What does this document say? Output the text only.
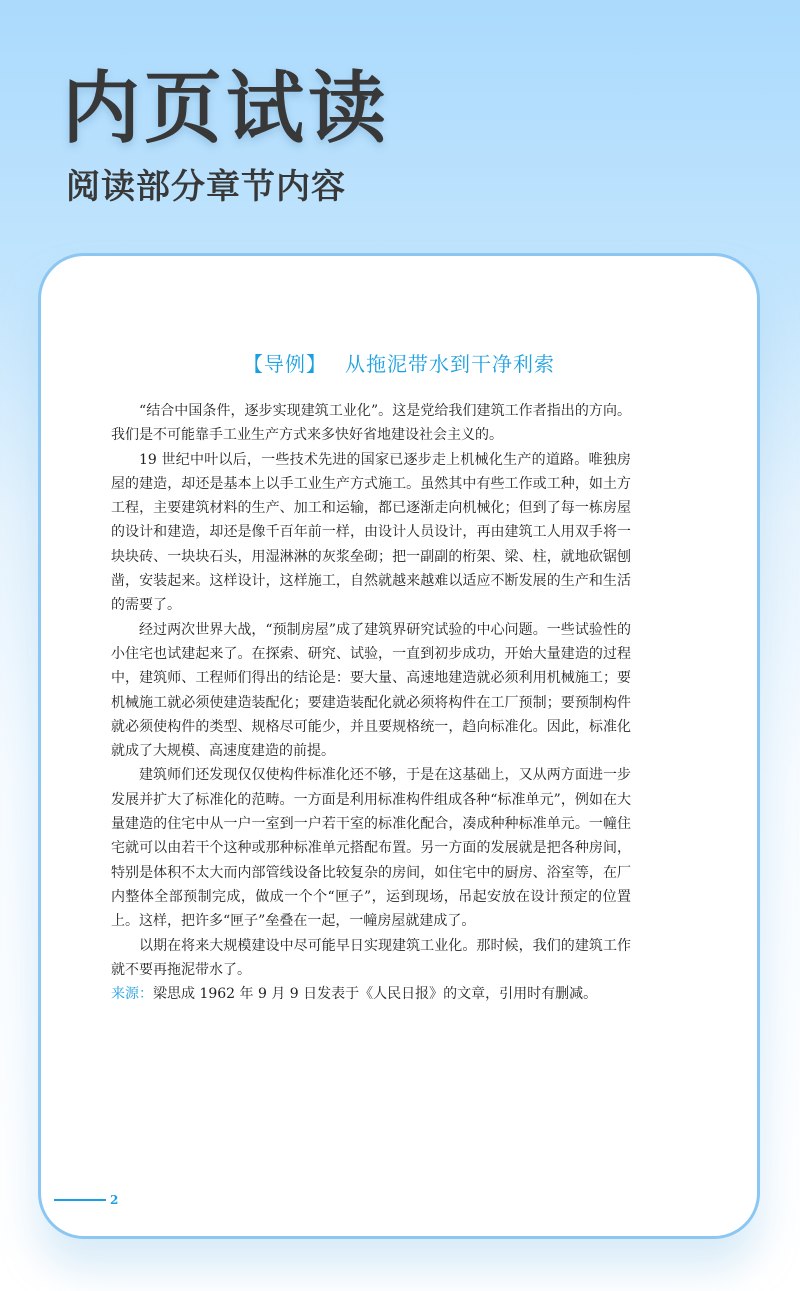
内页试读
阅读部分章节内容
【导例】 从拖泥带水到干净利索

“结合中国条件，逐步实现建筑工业化”。这是党给我们建筑工作者指出的方向。我们是不可能靠手工业生产方式来多快好省地建设社会主义的。

19 世纪中叶以后，一些技术先进的国家已逐步走上机械化生产的道路。唯独房屋的建造，却还是基本上以手工业生产方式施工。虽然其中有些工作或工种，如土方工程，主要建筑材料的生产、加工和运输，都已逐渐走向机械化；但到了每一栋房屋的设计和建造，却还是像千百年前一样，由设计人员设计，再由建筑工人用双手将一块块砖、一块块石头，用湿淋淋的灰浆垒砌；把一副副的桁架、梁、柱，就地砍锯刨凿，安装起来。这样设计，这样施工，自然就越来越难以适应不断发展的生产和生活的需要了。

经过两次世界大战，“预制房屋”成了建筑界研究试验的中心问题。一些试验性的小住宅也试建起来了。在探索、研究、试验，一直到初步成功，开始大量建造的过程中，建筑师、工程师们得出的结论是：要大量、高速地建造就必须利用机械施工；要机械施工就必须使建造装配化；要建造装配化就必须将构件在工厂预制；要预制构件就必须使构件的类型、规格尽可能少，并且要规格统一，趋向标准化。因此，标准化就成了大规模、高速度建造的前提。

建筑师们还发现仅仅使构件标准化还不够，于是在这基础上，又从两方面进一步发展并扩大了标准化的范畴。一方面是利用标准构件组成各种“标准单元”，例如在大量建造的住宅中从一户一室到一户若干室的标准化配合，凑成种种标准单元。一幢住宅就可以由若干个这种或那种标准单元搭配布置。另一方面的发展就是把各种房间，特别是体积不太大而内部管线设备比较复杂的房间，如住宅中的厨房、浴室等，在厂内整体全部预制完成，做成一个个“匣子”，运到现场，吊起安放在设计预定的位置上。这样，把许多“匣子”垒叠在一起，一幢房屋就建成了。

以期在将来大规模建设中尽可能早日实现建筑工业化。那时候，我们的建筑工作就不要再拖泥带水了。

来源：梁思成 1962 年 9 月 9 日发表于《人民日报》的文章，引用时有删减。
2
